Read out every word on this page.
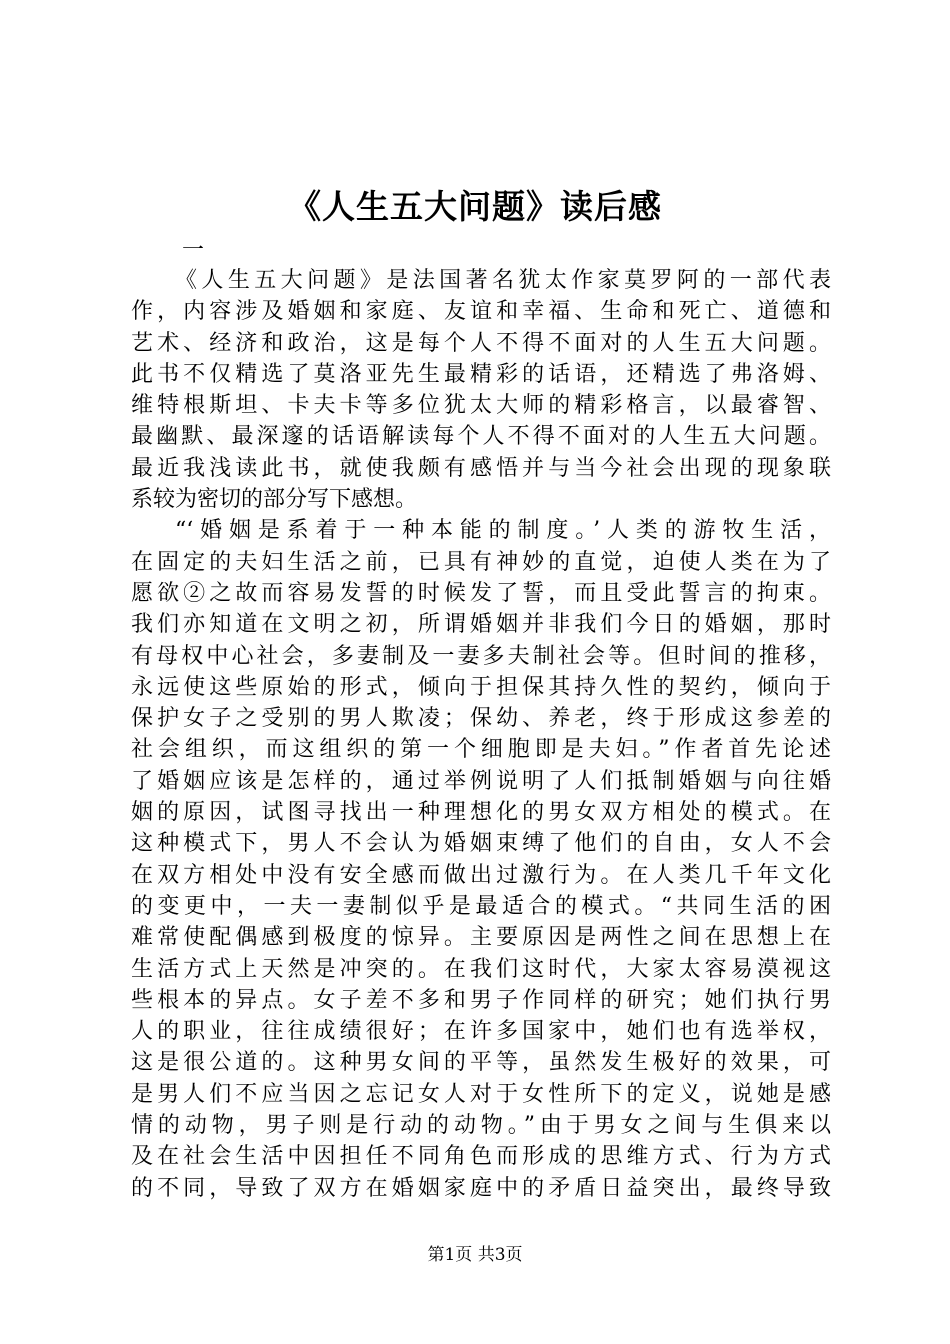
《人生五大问题》读后感
一
《人生五大问题》是法国著名犹太作家莫罗阿的一部代表
作，内容涉及婚姻和家庭、友谊和幸福、生命和死亡、道德和
艺术、经济和政治，这是每个人不得不面对的人生五大问题。
此书不仅精选了莫洛亚先生最精彩的话语，还精选了弗洛姆、
维特根斯坦、卡夫卡等多位犹太大师的精彩格言，以最睿智、
最幽默、最深邃的话语解读每个人不得不面对的人生五大问题。
最近我浅读此书，就使我颇有感悟并与当今社会出现的现象联
系较为密切的部分写下感想。
“‘婚姻是系着于一种本能的制度。’人类的游牧生活，
在固定的夫妇生活之前，已具有神妙的直觉，迫使人类在为了
愿欲②之故而容易发誓的时候发了誓，而且受此誓言的拘束。
我们亦知道在文明之初，所谓婚姻并非我们今日的婚姻，那时
有母权中心社会，多妻制及一妻多夫制社会等。但时间的推移，
永远使这些原始的形式，倾向于担保其持久性的契约，倾向于
保护女子之受别的男人欺凌；保幼、养老，终于形成这参差的
社会组织，而这组织的第一个细胞即是夫妇。”作者首先论述
了婚姻应该是怎样的，通过举例说明了人们抵制婚姻与向往婚
姻的原因，试图寻找出一种理想化的男女双方相处的模式。在
这种模式下，男人不会认为婚姻束缚了他们的自由，女人不会
在双方相处中没有安全感而做出过激行为。在人类几千年文化
的变更中，一夫一妻制似乎是最适合的模式。“共同生活的困
难常使配偶感到极度的惊异。主要原因是两性之间在思想上在
生活方式上天然是冲突的。在我们这时代，大家太容易漠视这
些根本的异点。女子差不多和男子作同样的研究；她们执行男
人的职业，往往成绩很好；在许多国家中，她们也有选举权，
这是很公道的。这种男女间的平等，虽然发生极好的效果，可
是男人们不应当因之忘记女人对于女性所下的定义，说她是感
情的动物，男子则是行动的动物。”由于男女之间与生俱来以
及在社会生活中因担任不同角色而形成的思维方式、行为方式
的不同，导致了双方在婚姻家庭中的矛盾日益突出，最终导致
第1页 共3页
